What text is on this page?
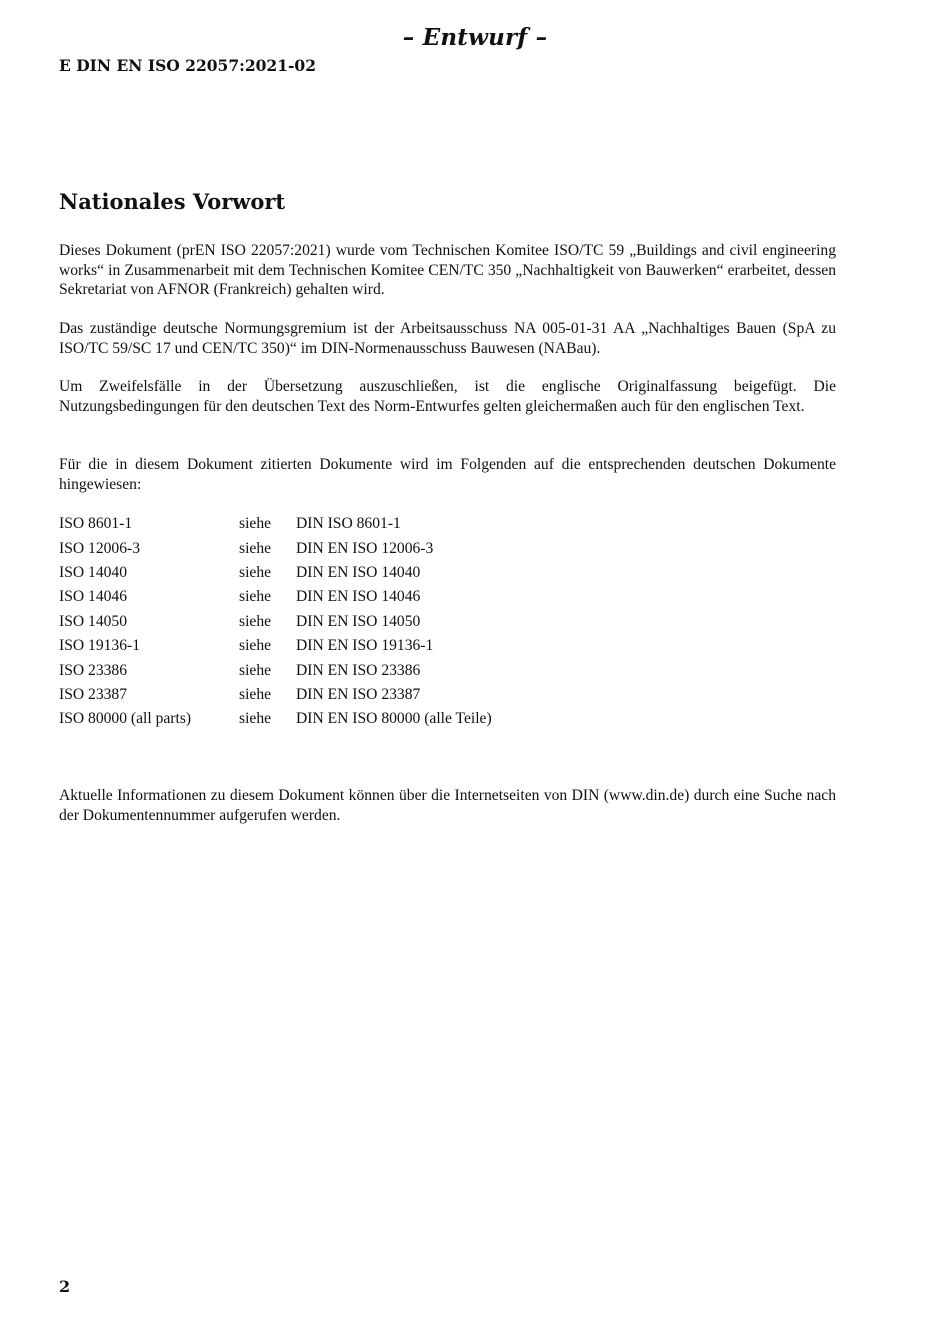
– Entwurf –
E DIN EN ISO 22057:2021-02
Nationales Vorwort

Dieses Dokument (prEN ISO 22057:2021) wurde vom Technischen Komitee ISO/TC 59 „Buildings and civil engineering works“ in Zusammenarbeit mit dem Technischen Komitee CEN/TC 350 „Nachhaltigkeit von Bauwerken“ erarbeitet, dessen Sekretariat von AFNOR (Frankreich) gehalten wird.

Das zuständige deutsche Normungsgremium ist der Arbeitsausschuss NA 005-01-31 AA „Nachhaltiges Bauen (SpA zu ISO/TC 59/SC 17 und CEN/TC 350)“ im DIN-Normenausschuss Bauwesen (NABau).

Um Zweifelsfälle in der Übersetzung auszuschließen, ist die englische Originalfassung beigefügt. Die Nutzungsbedingungen für den deutschen Text des Norm-Entwurfes gelten gleichermaßen auch für den englischen Text.

Für die in diesem Dokument zitierten Dokumente wird im Folgenden auf die entsprechenden deutschen Dokumente hingewiesen:

ISO 8601-1	siehe	DIN ISO 8601-1
ISO 12006-3	siehe	DIN EN ISO 12006-3
ISO 14040	siehe	DIN EN ISO 14040
ISO 14046	siehe	DIN EN ISO 14046
ISO 14050	siehe	DIN EN ISO 14050
ISO 19136-1	siehe	DIN EN ISO 19136-1
ISO 23386	siehe	DIN EN ISO 23386
ISO 23387	siehe	DIN EN ISO 23387
ISO 80000 (all parts)	siehe	DIN EN ISO 80000 (alle Teile)

Aktuelle Informationen zu diesem Dokument können über die Internetseiten von DIN (www.din.de) durch eine Suche nach der Dokumentennummer aufgerufen werden.

2
